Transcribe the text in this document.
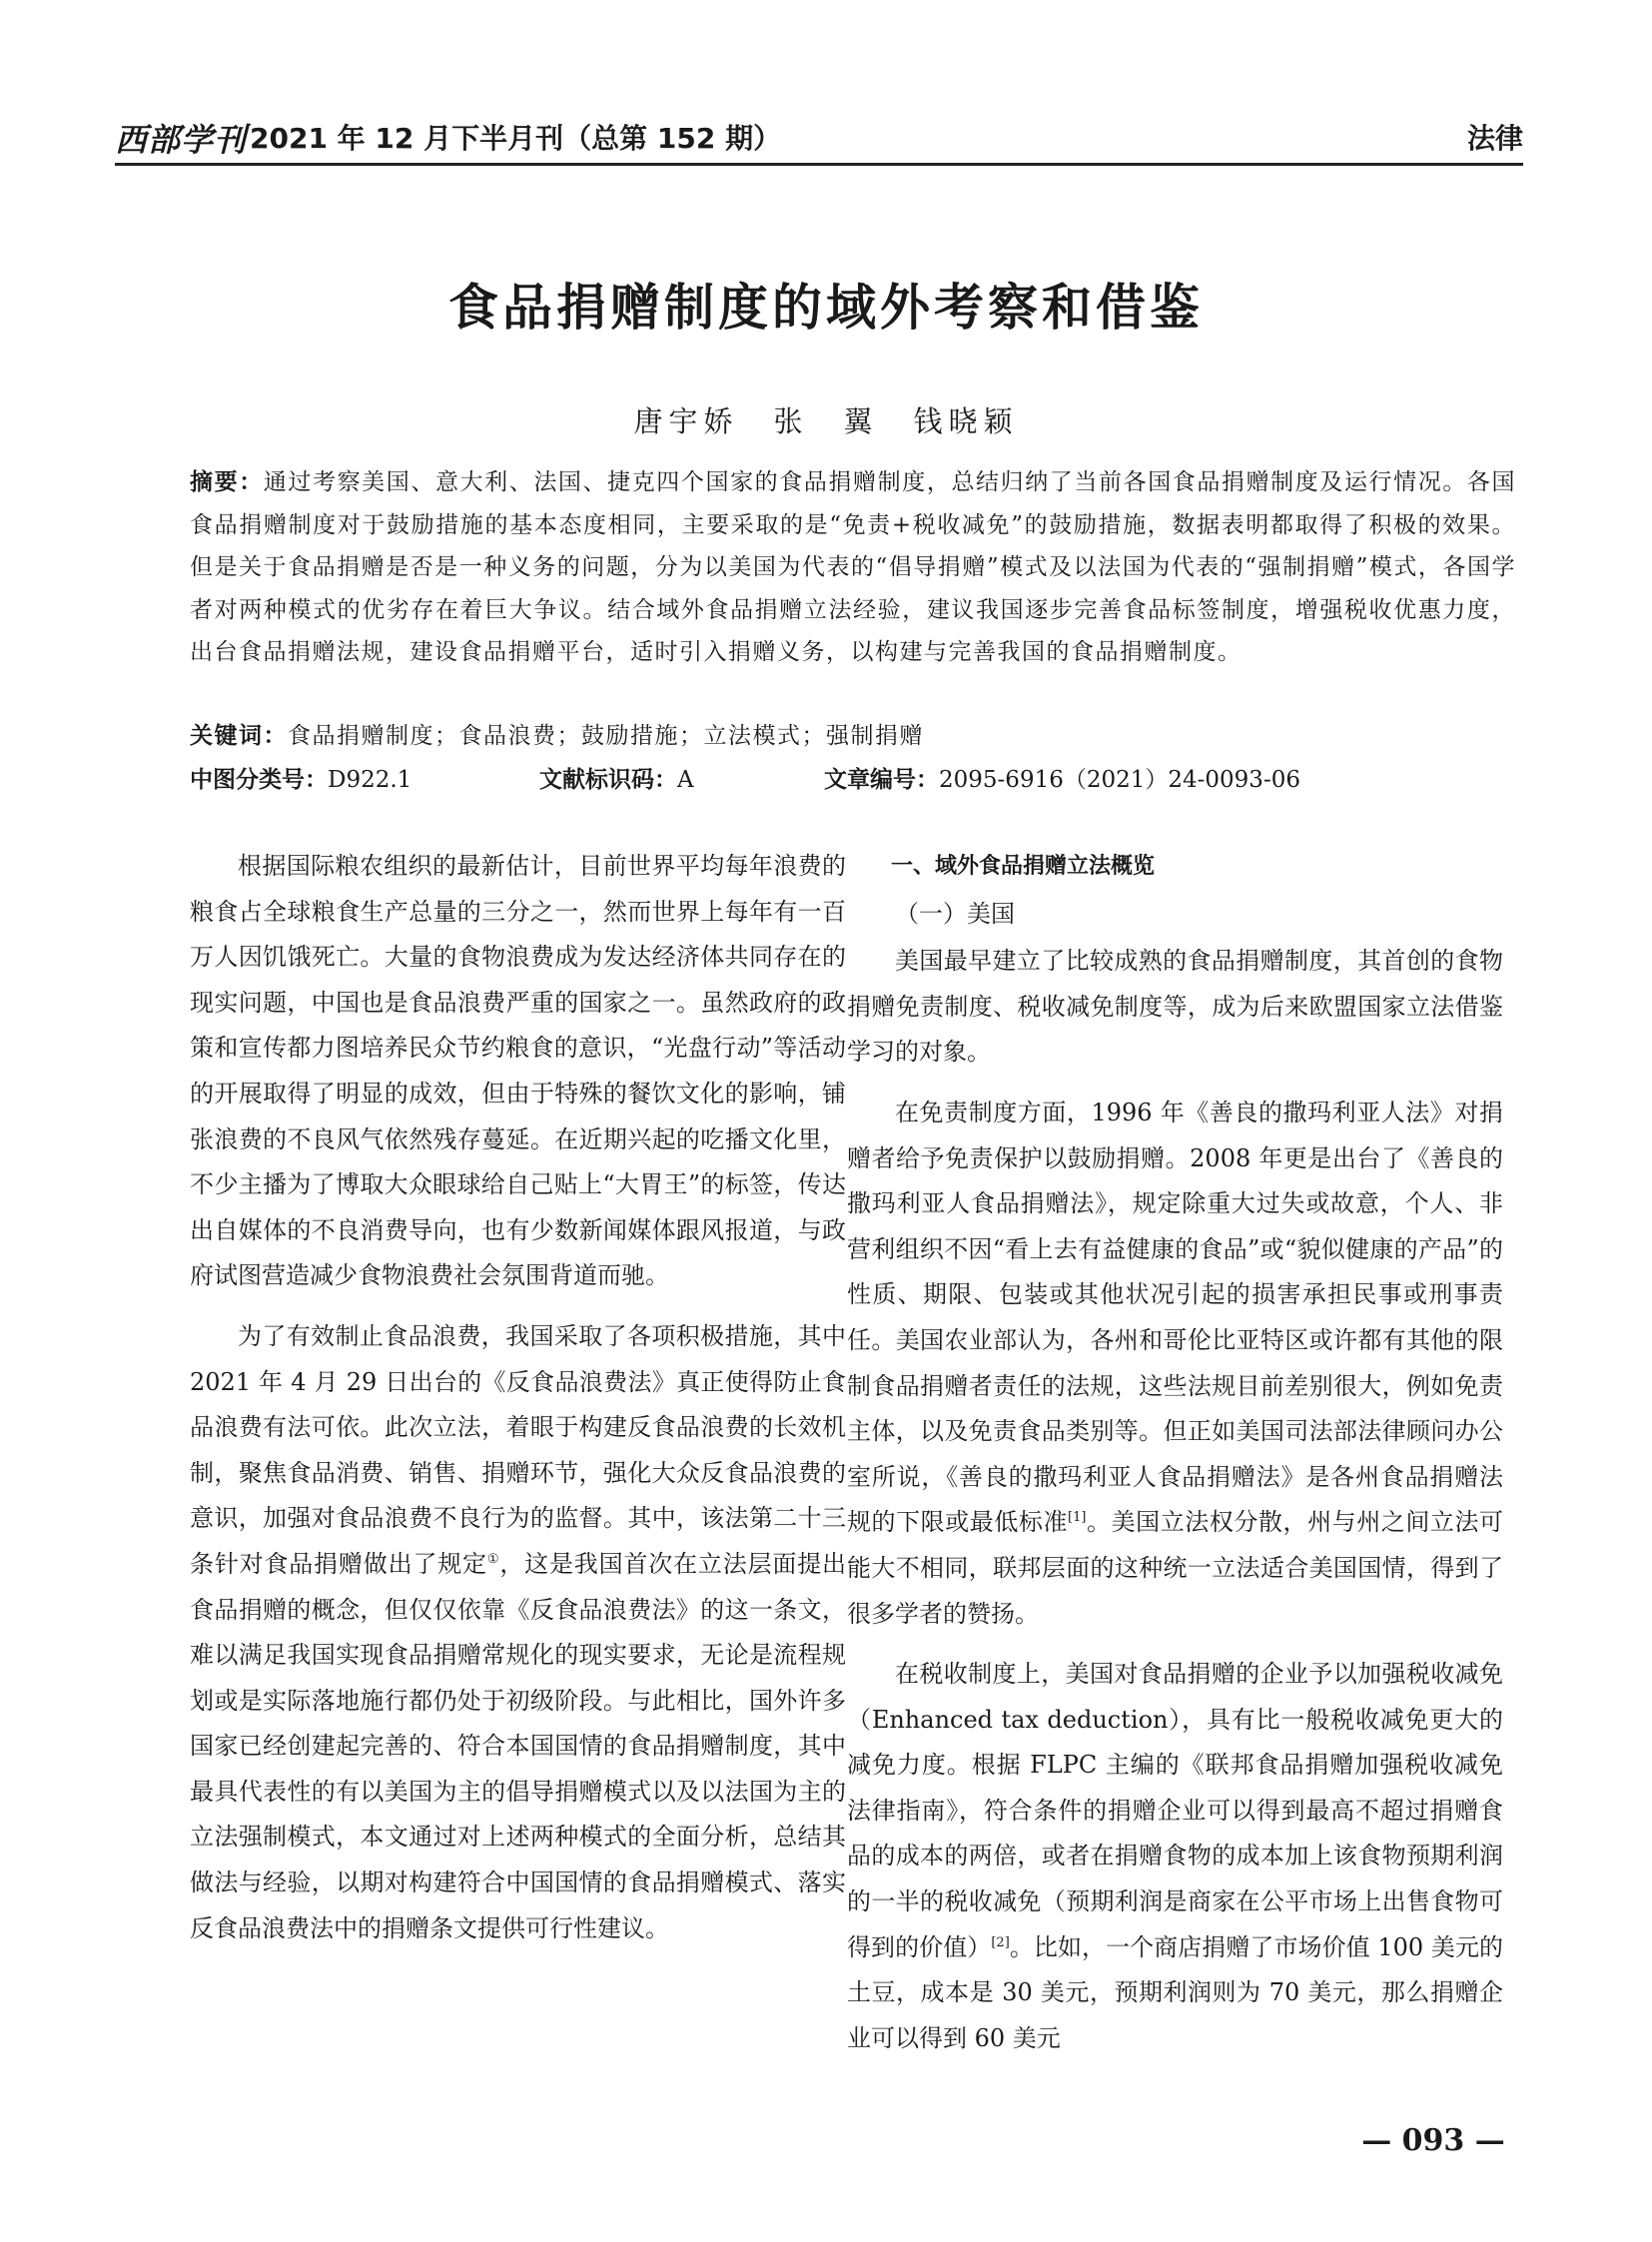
西部学刊 2021 年 12 月下半月刊（总第 152 期）	法律
食品捐赠制度的域外考察和借鉴
唐宇娇　张　翼　钱晓颖
摘要：通过考察美国、意大利、法国、捷克四个国家的食品捐赠制度，总结归纳了当前各国食品捐赠制度及运行情况。各国食品捐赠制度对于鼓励措施的基本态度相同，主要采取的是“免责+税收减免”的鼓励措施，数据表明都取得了积极的效果。但是关于食品捐赠是否是一种义务的问题，分为以美国为代表的“倡导捐赠”模式及以法国为代表的“强制捐赠”模式，各国学者对两种模式的优劣存在着巨大争议。结合域外食品捐赠立法经验，建议我国逐步完善食品标签制度，增强税收优惠力度，出台食品捐赠法规，建设食品捐赠平台，适时引入捐赠义务，以构建与完善我国的食品捐赠制度。
关键词：食品捐赠制度；食品浪费；鼓励措施；立法模式；强制捐赠
中图分类号：D922.1	文献标识码：A	文章编号：2095-6916（2021）24-0093-06

根据国际粮农组织的最新估计，目前世界平均每年浪费的粮食占全球粮食生产总量的三分之一，然而世界上每年有一百万人因饥饿死亡。大量的食物浪费成为发达经济体共同存在的现实问题，中国也是食品浪费严重的国家之一。虽然政府的政策和宣传都力图培养民众节约粮食的意识，“光盘行动”等活动的开展取得了明显的成效，但由于特殊的餐饮文化的影响，铺张浪费的不良风气依然残存蔓延。在近期兴起的吃播文化里，不少主播为了博取大众眼球给自己贴上“大胃王”的标签，传达出自媒体的不良消费导向，也有少数新闻媒体跟风报道，与政府试图营造减少食物浪费社会氛围背道而驰。

为了有效制止食品浪费，我国采取了各项积极措施，其中 2021 年 4 月 29 日出台的《反食品浪费法》真正使得防止食品浪费有法可依。此次立法，着眼于构建反食品浪费的长效机制，聚焦食品消费、销售、捐赠环节，强化大众反食品浪费的意识，加强对食品浪费不良行为的监督。其中，该法第二十三条针对食品捐赠做出了规定①，这是我国首次在立法层面提出食品捐赠的概念，但仅仅依靠《反食品浪费法》的这一条文，难以满足我国实现食品捐赠常规化的现实要求，无论是流程规划或是实际落地施行都仍处于初级阶段。与此相比，国外许多国家已经创建起完善的、符合本国国情的食品捐赠制度，其中最具代表性的有以美国为主的倡导捐赠模式以及以法国为主的立法强制模式，本文通过对上述两种模式的全面分析，总结其做法与经验，以期对构建符合中国国情的食品捐赠模式、落实反食品浪费法中的捐赠条文提供可行性建议。

一、域外食品捐赠立法概览

（一）美国

美国最早建立了比较成熟的食品捐赠制度，其首创的食物捐赠免责制度、税收减免制度等，成为后来欧盟国家立法借鉴学习的对象。

在免责制度方面，1996 年《善良的撒玛利亚人法》对捐赠者给予免责保护以鼓励捐赠。2008 年更是出台了《善良的撒玛利亚人食品捐赠法》，规定除重大过失或故意，个人、非营利组织不因“看上去有益健康的食品”或“貌似健康的产品”的性质、期限、包装或其他状况引起的损害承担民事或刑事责任。美国农业部认为，各州和哥伦比亚特区或许都有其他的限制食品捐赠者责任的法规，这些法规目前差别很大，例如免责主体，以及免责食品类别等。但正如美国司法部法律顾问办公室所说，《善良的撒玛利亚人食品捐赠法》是各州食品捐赠法规的下限或最低标准[1]。美国立法权分散，州与州之间立法可能大不相同，联邦层面的这种统一立法适合美国国情，得到了很多学者的赞扬。

在税收制度上，美国对食品捐赠的企业予以加强税收减免（Enhanced tax deduction），具有比一般税收减免更大的减免力度。根据 FLPC 主编的《联邦食品捐赠加强税收减免法律指南》，符合条件的捐赠企业可以得到最高不超过捐赠食品的成本的两倍，或者在捐赠食物的成本加上该食物预期利润的一半的税收减免（预期利润是商家在公平市场上出售食物可得到的价值）[2]。比如，一个商店捐赠了市场价值 100 美元的土豆，成本是 30 美元，预期利润则为 70 美元，那么捐赠企业可以得到 60 美元

— 093 —
